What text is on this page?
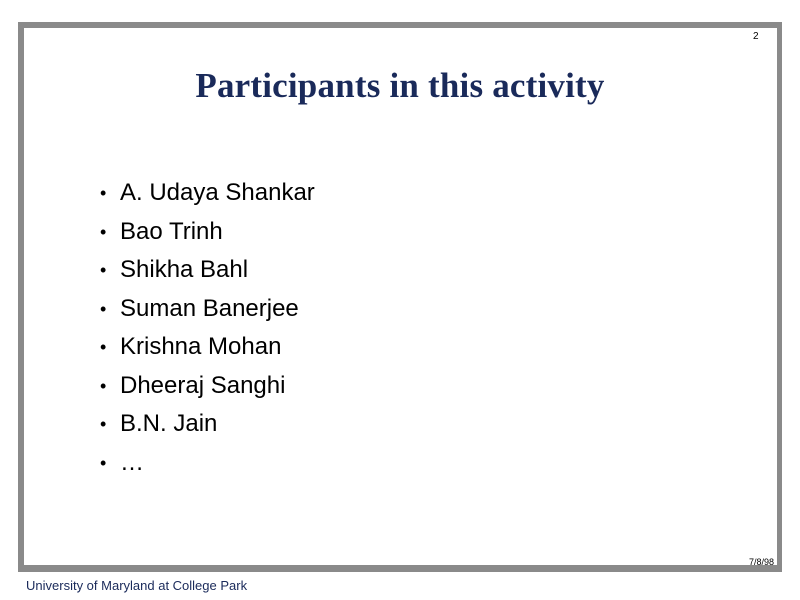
2
Participants in this activity
• A. Udaya Shankar
• Bao Trinh
• Shikha Bahl
• Suman Banerjee
• Krishna Mohan
• Dheeraj Sanghi
• B.N. Jain
• …
7/8/98
University of Maryland at College Park
